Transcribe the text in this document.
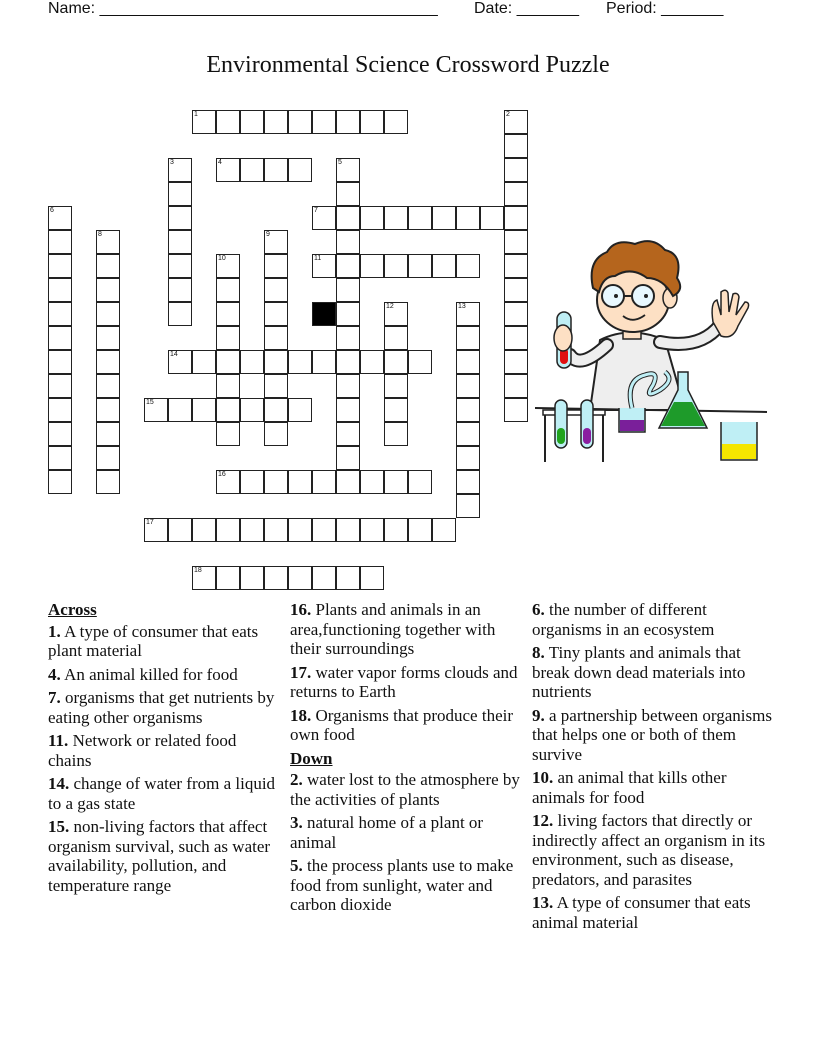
Name: ______________________________________ Date: _______ Period: _______
Environmental Science Crossword Puzzle
1	2
3	4	5
6	7
8	9
10	11
12	13
14
15
16
17
18
Across
1. A type of consumer that eats plant material
4. An animal killed for food
7. organisms that get nutrients by eating other organisms
11. Network or related food chains
14. change of water from a liquid to a gas state
15. non-living factors that affect organism survival, such as water availability, pollution, and temperature range
16. Plants and animals in an area,functioning together with their surroundings
17. water vapor forms clouds and returns to Earth
18. Organisms that produce their own food
Down
2. water lost to the atmosphere by the activities of plants
3. natural home of a plant or animal
5. the process plants use to make food from sunlight, water and carbon dioxide
6. the number of different organisms in an ecosystem
8. Tiny plants and animals that break down dead materials into nutrients
9. a partnership between organisms that helps one or both of them survive
10. an animal that kills other animals for food
12. living factors that directly or indirectly affect an organism in its environment, such as disease, predators, and parasites
13. A type of consumer that eats animal material
